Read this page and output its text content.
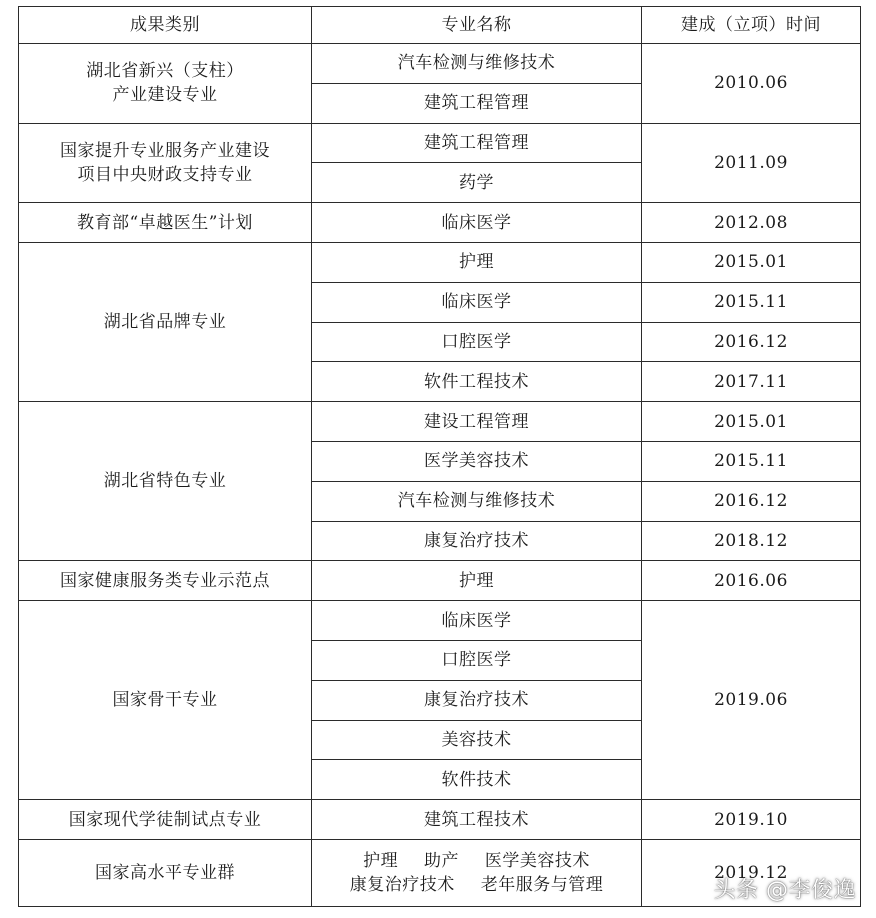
成果类别	专业名称	建成（立项）时间

湖北省新兴（支柱）
产业建设专业	汽车检测与维修技术	2010.06
	建筑工程管理	

国家提升专业服务产业建设
项目中央财政支持专业	建筑工程管理	2011.09
	药学	
教育部“卓越医生”计划	临床医学	2012.08
湖北省品牌专业	护理	2015.01
	临床医学	2015.11
	口腔医学	2016.12
	软件工程技术	2017.11
湖北省特色专业	建设工程管理	2015.01
	医学美容技术	2015.11
	汽车检测与维修技术	2016.12
	康复治疗技术	2018.12
国家健康服务类专业示范点	护理	2016.06
国家骨干专业	临床医学	2019.06
	口腔医学	
	康复治疗技术	
	美容技术	
	软件技术	
国家现代学徒制试点专业	建筑工程技术	2019.10
国家高水平专业群	护理 助产 医学美容技术
康复治疗技术 老年服务与管理	2019.12
头条 @李俊逸
